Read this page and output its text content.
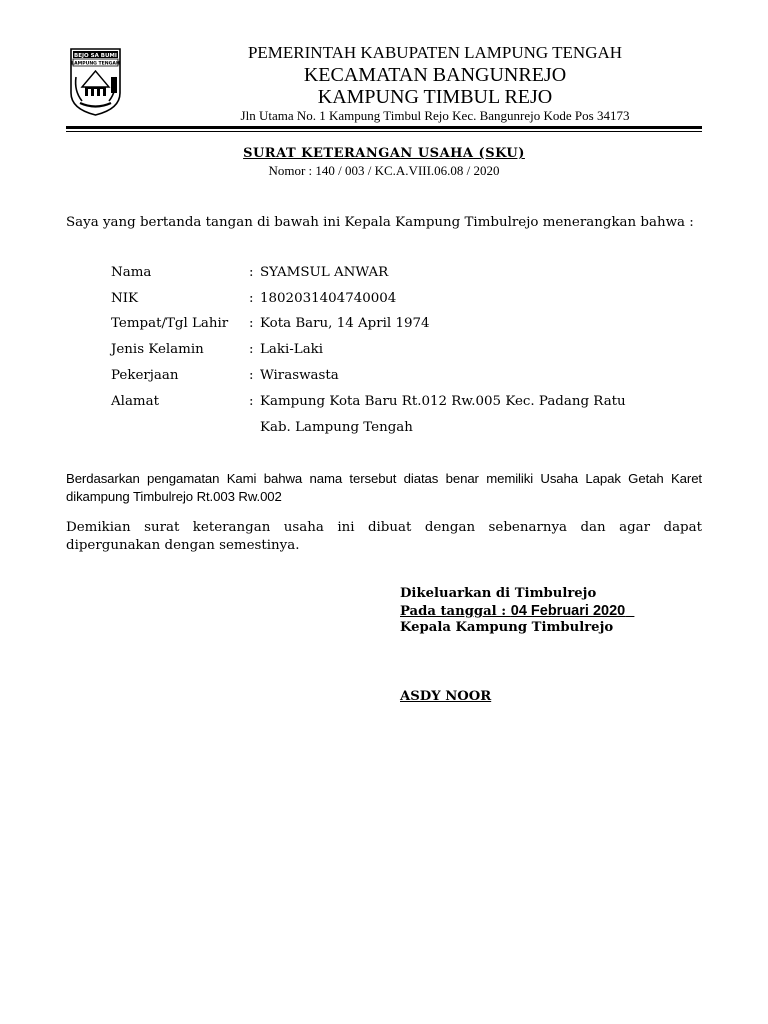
BEJO SA BUMI
LAMPUNG TENGAH
PEMERINTAH KABUPATEN LAMPUNG TENGAH
KECAMATAN BANGUNREJO
KAMPUNG TIMBUL REJO
Jln Utama No. 1 Kampung Timbul Rejo Kec. Bangunrejo Kode Pos 34173
SURAT KETERANGAN USAHA (SKU)
Nomor : 140 / 003 / KC.A.VIII.06.08 / 2020
Saya yang bertanda tangan di bawah ini Kepala Kampung Timbulrejo menerangkan bahwa :
Nama	: SYAMSUL ANWAR
NIK	: 1802031404740004
Tempat/Tgl Lahir : Kota Baru, 14 April 1974
Jenis Kelamin	: Laki-Laki
Pekerjaan	: Wiraswasta
Alamat	: Kampung Kota Baru Rt.012 Rw.005 Kec. Padang Ratu
Kab. Lampung Tengah
Berdasarkan pengamatan Kami bahwa nama tersebut diatas benar memiliki Usaha Lapak Getah Karet dikampung Timbulrejo Rt.003 Rw.002
Demikian surat keterangan usaha ini dibuat dengan sebenarnya dan agar dapat dipergunakan dengan semestinya.
Dikeluarkan di Timbulrejo
Pada tanggal : 04 Februari 2020
Kepala Kampung Timbulrejo
ASDY NOOR
